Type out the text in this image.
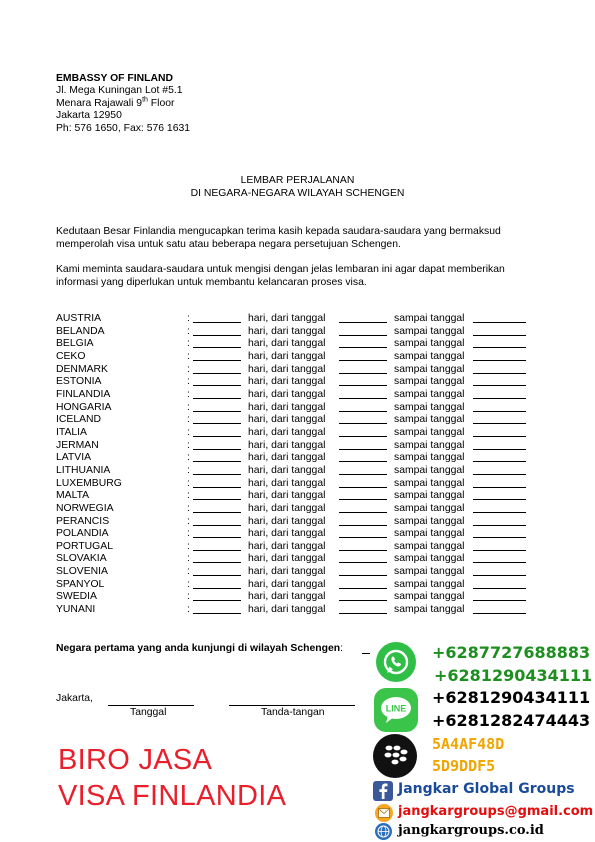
EMBASSY OF FINLAND
Jl. Mega Kuningan Lot #5.1
Menara Rajawali 9th Floor
Jakarta 12950
Ph: 576 1650, Fax: 576 1631
LEMBAR PERJALANAN
DI NEGARA-NEGARA WILAYAH SCHENGEN
Kedutaan Besar Finlandia mengucapkan terima kasih kepada saudara-saudara yang bermaksud memperolah visa untuk satu atau beberapa negara persetujuan Schengen.
Kami meminta saudara-saudara untuk mengisi dengan jelas lembaran ini agar dapat memberikan informasi yang diperlukan untuk membantu kelancaran proses visa.
AUSTRIA	:	hari, dari tanggal	sampai tanggal
BELANDA	:	hari, dari tanggal	sampai tanggal
BELGIA	:	hari, dari tanggal	sampai tanggal
CEKO	:	hari, dari tanggal	sampai tanggal
DENMARK	:	hari, dari tanggal	sampai tanggal
ESTONIA	:	hari, dari tanggal	sampai tanggal
FINLANDIA	:	hari, dari tanggal	sampai tanggal
HONGARIA	:	hari, dari tanggal	sampai tanggal
ICELAND	:	hari, dari tanggal	sampai tanggal
ITALIA	:	hari, dari tanggal	sampai tanggal
JERMAN	:	hari, dari tanggal	sampai tanggal
LATVIA	:	hari, dari tanggal	sampai tanggal
LITHUANIA	:	hari, dari tanggal	sampai tanggal
LUXEMBURG	:	hari, dari tanggal	sampai tanggal
MALTA	:	hari, dari tanggal	sampai tanggal
NORWEGIA	:	hari, dari tanggal	sampai tanggal
PERANCIS	:	hari, dari tanggal	sampai tanggal
POLANDIA	:	hari, dari tanggal	sampai tanggal
PORTUGAL	:	hari, dari tanggal	sampai tanggal
SLOVAKIA	:	hari, dari tanggal	sampai tanggal
SLOVENIA	:	hari, dari tanggal	sampai tanggal
SPANYOL	:	hari, dari tanggal	sampai tanggal
SWEDIA	:	hari, dari tanggal	sampai tanggal
YUNANI	:	hari, dari tanggal	sampai tanggal
Negara pertama yang anda kunjungi di wilayah Schengen:
Jakarta,
Tanggal	Tanda-tangan
BIRO JASA
VISA FINLANDIA
+6287727688883
+6281290434111
LINE
+6281290434111
+6281282474443
5A4AF48D
5D9DDF5
Jangkar Global Groups
jangkargroups@gmail.com
jangkargroups.co.id
